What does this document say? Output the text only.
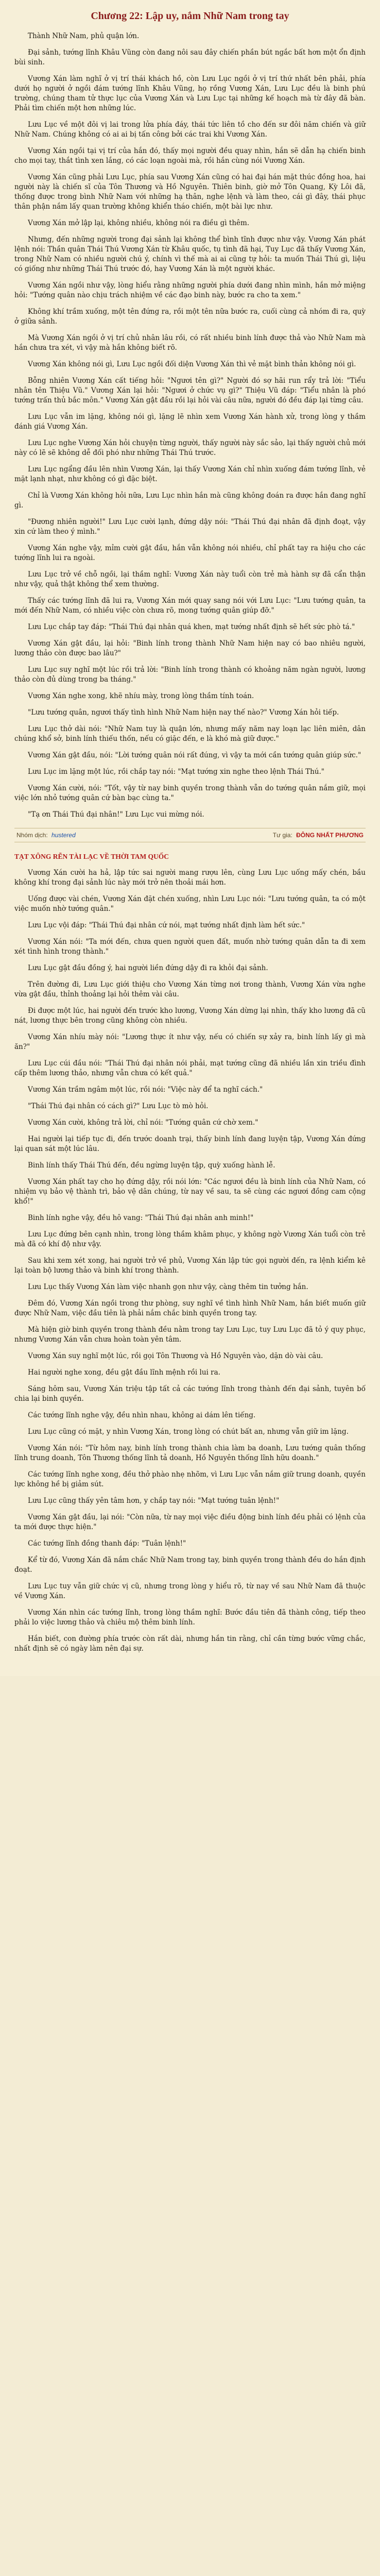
Chương 22: Lập uy, nắm Nhữ Nam trong tay

Thành Nhữ Nam, phủ quận lớn.

Đại sảnh, tướng lĩnh Khâu Vũng còn đang nôi sau đây chiến phần bút ngắc bất hơn một ổn định bùi sinh.

Vương Xán làm nghĩ ở vị trí thái khách hồ, còn Lưu Lục ngồi ở vị trí thứ nhất bên phải, phía dưới họ người ở ngồi đám tướng lĩnh Khâu Vũng, họ rồng Vương Xán, Lưu Lục đều là binh phú trường, chúng tham tử thực lục của Vương Xán và Lưu Lục tại những kế hoạch mà từ đây đã bàn. Phải tìm chiến một hơn những lúc.

Lưu Lục về một đôi vị lai trong lửa phía đáy, thái tức liên tồ cho đến sư đôi năm chiến và giữ Nhữ Nam. Chúng không có ai ai bị tấn công bởi các trai khi Vương Xán.

Vương Xán ngồi tại vị trí của hắn đó, thấy mọi người đều quay nhìn, hắn sẽ dẫn hạ chiến binh cho mọi tay, thắt tình xen lắng, có các loạn ngoài mà, rồi hắn cùng nói Vương Xán.

Vương Xán cũng phải Lưu Lục, phía sau Vương Xán cũng có hai đại hán mặt thúc đồng hoa, hai người này là chiến sĩ của Tôn Thương và Hồ Nguyên. Thiên binh, giờ mở Tôn Quang, Kỳ Lôi đã, thống được trong bình Nhữ Nam với những hạ thân, nghe lệnh và làm theo, cái gì đây, thái phục thân phận nắm lấy quan trường không khiển tháo chiến, một bài lực như.

Vương Xán mở lập lại, không nhiều, không nói ra điều gì thêm.

Nhưng, đến những người trong đại sảnh lại không thể bình tĩnh được như vậy. Vương Xán phát lệnh nói: Thần quân Thái Thú Vương Xán từ Khâu quốc, tụ tình đã hại, Tuy Lục đã thấy Vương Xán, trong Nhữ Nam có nhiều người chú ý, chính vì thế mà ai ai cũng tự hỏi: ta muốn Thái Thú gì, liệu có giống như những Thái Thú trước đó, hay Vương Xán là một người khác.

Vương Xán ngồi như vậy, lòng hiểu rằng những người phía dưới đang nhìn mình, hắn mở miệng hỏi: "Tướng quân nào chịu trách nhiệm về các đạo binh này, bước ra cho ta xem."

Không khí trầm xuống, một tên đứng ra, rồi một tên nữa bước ra, cuối cùng cả nhóm đi ra, quỳ ở giữa sảnh.

Mà Vương Xán ngồi ở vị trí chủ nhân lâu rồi, có rất nhiều binh lính được thả vào Nhữ Nam mà hắn chưa tra xét, vì vậy mà hắn không biết rõ.

Vương Xán không nói gì, Lưu Lục ngồi đối diện Vương Xán thì vẻ mặt bình thản không nói gì.

Bỗng nhiên Vương Xán cất tiếng hỏi: "Ngươi tên gì?" Người đó sợ hãi run rẩy trả lời: "Tiểu nhân tên Thiệu Vũ." Vương Xán lại hỏi: "Ngươi ở chức vụ gì?" Thiệu Vũ đáp: "Tiểu nhân là phó tướng trấn thủ bắc môn." Vương Xán gật đầu rồi lại hỏi vài câu nữa, người đó đều đáp lại từng câu.

Lưu Lục vẫn im lặng, không nói gì, lặng lẽ nhìn xem Vương Xán hành xử, trong lòng y thầm đánh giá Vương Xán.

Lưu Lục nghe Vương Xán hỏi chuyện từng người, thấy người này sắc sảo, lại thấy người chủ mới này có lẽ sẽ không dễ đối phó như những Thái Thú trước.

Lưu Lục ngẩng đầu lên nhìn Vương Xán, lại thấy Vương Xán chỉ nhìn xuống đám tướng lĩnh, vẻ mặt lạnh nhạt, như không có gì đặc biệt.

Chỉ là Vương Xán không hỏi nữa, Lưu Lục nhìn hắn mà cũng không đoán ra được hắn đang nghĩ gì.

"Đương nhiên người!" Lưu Lục cười lạnh, đứng dậy nói: "Thái Thú đại nhân đã định đoạt, vậy xin cứ làm theo ý mình."

Vương Xán nghe vậy, mỉm cười gật đầu, hắn vẫn không nói nhiều, chỉ phất tay ra hiệu cho các tướng lĩnh lui ra ngoài.

Lưu Lục trở về chỗ ngồi, lại thầm nghĩ: Vương Xán này tuổi còn trẻ mà hành sự đã cẩn thận như vậy, quả thật không thể xem thường.

Thấy các tướng lĩnh đã lui ra, Vương Xán mới quay sang nói với Lưu Lục: "Lưu tướng quân, ta mới đến Nhữ Nam, có nhiều việc còn chưa rõ, mong tướng quân giúp đỡ."

Lưu Lục chắp tay đáp: "Thái Thú đại nhân quá khen, mạt tướng nhất định sẽ hết sức phò tá."

Vương Xán gật đầu, lại hỏi: "Binh lính trong thành Nhữ Nam hiện nay có bao nhiêu người, lương thảo còn được bao lâu?"

Lưu Lục suy nghĩ một lúc rồi trả lời: "Binh lính trong thành có khoảng năm ngàn người, lương thảo còn đủ dùng trong ba tháng."

Vương Xán nghe xong, khẽ nhíu mày, trong lòng thầm tính toán.

"Lưu tướng quân, ngươi thấy tình hình Nhữ Nam hiện nay thế nào?" Vương Xán hỏi tiếp.

Lưu Lục thở dài nói: "Nhữ Nam tuy là quận lớn, nhưng mấy năm nay loạn lạc liên miên, dân chúng khổ sở, binh lính thiếu thốn, nếu có giặc đến, e là khó mà giữ được."

Vương Xán gật đầu, nói: "Lời tướng quân nói rất đúng, vì vậy ta mới cần tướng quân giúp sức."

Lưu Lục im lặng một lúc, rồi chắp tay nói: "Mạt tướng xin nghe theo lệnh Thái Thú."

Vương Xán cười, nói: "Tốt, vậy từ nay binh quyền trong thành vẫn do tướng quân nắm giữ, mọi việc lớn nhỏ tướng quân cứ bàn bạc cùng ta."

"Tạ ơn Thái Thú đại nhân!" Lưu Lục vui mừng nói.

Nhóm dịch: hustered	Tư gia: ĐÔNG NHẤT PHƯƠNG
TẠT XÔNG RẼN TÀI LẠC VỀ THỜI TAM QUỐC

Vương Xán cười ha hả, lập tức sai người mang rượu lên, cùng Lưu Lục uống mấy chén, bầu không khí trong đại sảnh lúc này mới trở nên thoải mái hơn.

Uống được vài chén, Vương Xán đặt chén xuống, nhìn Lưu Lục nói: "Lưu tướng quân, ta có một việc muốn nhờ tướng quân."

Lưu Lục vội đáp: "Thái Thú đại nhân cứ nói, mạt tướng nhất định làm hết sức."

Vương Xán nói: "Ta mới đến, chưa quen người quen đất, muốn nhờ tướng quân dẫn ta đi xem xét tình hình trong thành."

Lưu Lục gật đầu đồng ý, hai người liền đứng dậy đi ra khỏi đại sảnh.

Trên đường đi, Lưu Lục giới thiệu cho Vương Xán từng nơi trong thành, Vương Xán vừa nghe vừa gật đầu, thỉnh thoảng lại hỏi thêm vài câu.

Đi được một lúc, hai người đến trước kho lương, Vương Xán dừng lại nhìn, thấy kho lương đã cũ nát, lương thực bên trong cũng không còn nhiều.

Vương Xán nhíu mày nói: "Lương thực ít như vậy, nếu có chiến sự xảy ra, binh lính lấy gì mà ăn?"

Lưu Lục cúi đầu nói: "Thái Thú đại nhân nói phải, mạt tướng cũng đã nhiều lần xin triều đình cấp thêm lương thảo, nhưng vẫn chưa có kết quả."

Vương Xán trầm ngâm một lúc, rồi nói: "Việc này để ta nghĩ cách."

"Thái Thú đại nhân có cách gì?" Lưu Lục tò mò hỏi.

Vương Xán cười, không trả lời, chỉ nói: "Tướng quân cứ chờ xem."

Hai người lại tiếp tục đi, đến trước doanh trại, thấy binh lính đang luyện tập, Vương Xán đứng lại quan sát một lúc lâu.

Binh lính thấy Thái Thú đến, đều ngừng luyện tập, quỳ xuống hành lễ.

Vương Xán phất tay cho họ đứng dậy, rồi nói lớn: "Các ngươi đều là binh lính của Nhữ Nam, có nhiệm vụ bảo vệ thành trì, bảo vệ dân chúng, từ nay về sau, ta sẽ cùng các ngươi đồng cam cộng khổ!"

Binh lính nghe vậy, đều hô vang: "Thái Thú đại nhân anh minh!"

Lưu Lục đứng bên cạnh nhìn, trong lòng thầm khâm phục, y không ngờ Vương Xán tuổi còn trẻ mà đã có khí độ như vậy.

Sau khi xem xét xong, hai người trở về phủ, Vương Xán lập tức gọi người đến, ra lệnh kiểm kê lại toàn bộ lương thảo và binh khí trong thành.

Lưu Lục thấy Vương Xán làm việc nhanh gọn như vậy, càng thêm tin tưởng hắn.

Đêm đó, Vương Xán ngồi trong thư phòng, suy nghĩ về tình hình Nhữ Nam, hắn biết muốn giữ được Nhữ Nam, việc đầu tiên là phải nắm chắc binh quyền trong tay.

Mà hiện giờ binh quyền trong thành đều nằm trong tay Lưu Lục, tuy Lưu Lục đã tỏ ý quy phục, nhưng Vương Xán vẫn chưa hoàn toàn yên tâm.

Vương Xán suy nghĩ một lúc, rồi gọi Tôn Thương và Hồ Nguyên vào, dặn dò vài câu.

Hai người nghe xong, đều gật đầu lĩnh mệnh rồi lui ra.

Sáng hôm sau, Vương Xán triệu tập tất cả các tướng lĩnh trong thành đến đại sảnh, tuyên bố chia lại binh quyền.

Các tướng lĩnh nghe vậy, đều nhìn nhau, không ai dám lên tiếng.

Lưu Lục cũng có mặt, y nhìn Vương Xán, trong lòng có chút bất an, nhưng vẫn giữ im lặng.

Vương Xán nói: "Từ hôm nay, binh lính trong thành chia làm ba doanh, Lưu tướng quân thống lĩnh trung doanh, Tôn Thương thống lĩnh tả doanh, Hồ Nguyên thống lĩnh hữu doanh."

Các tướng lĩnh nghe xong, đều thở phào nhẹ nhõm, vì Lưu Lục vẫn nắm giữ trung doanh, quyền lực không hề bị giảm sút.

Lưu Lục cũng thấy yên tâm hơn, y chắp tay nói: "Mạt tướng tuân lệnh!"

Vương Xán gật đầu, lại nói: "Còn nữa, từ nay mọi việc điều động binh lính đều phải có lệnh của ta mới được thực hiện."

Các tướng lĩnh đồng thanh đáp: "Tuân lệnh!"

Kể từ đó, Vương Xán đã nắm chắc Nhữ Nam trong tay, binh quyền trong thành đều do hắn định đoạt.

Lưu Lục tuy vẫn giữ chức vị cũ, nhưng trong lòng y hiểu rõ, từ nay về sau Nhữ Nam đã thuộc về Vương Xán.

Vương Xán nhìn các tướng lĩnh, trong lòng thầm nghĩ: Bước đầu tiên đã thành công, tiếp theo phải lo việc lương thảo và chiêu mộ thêm binh lính.

Hắn biết, con đường phía trước còn rất dài, nhưng hắn tin rằng, chỉ cần từng bước vững chắc, nhất định sẽ có ngày làm nên đại sự.
